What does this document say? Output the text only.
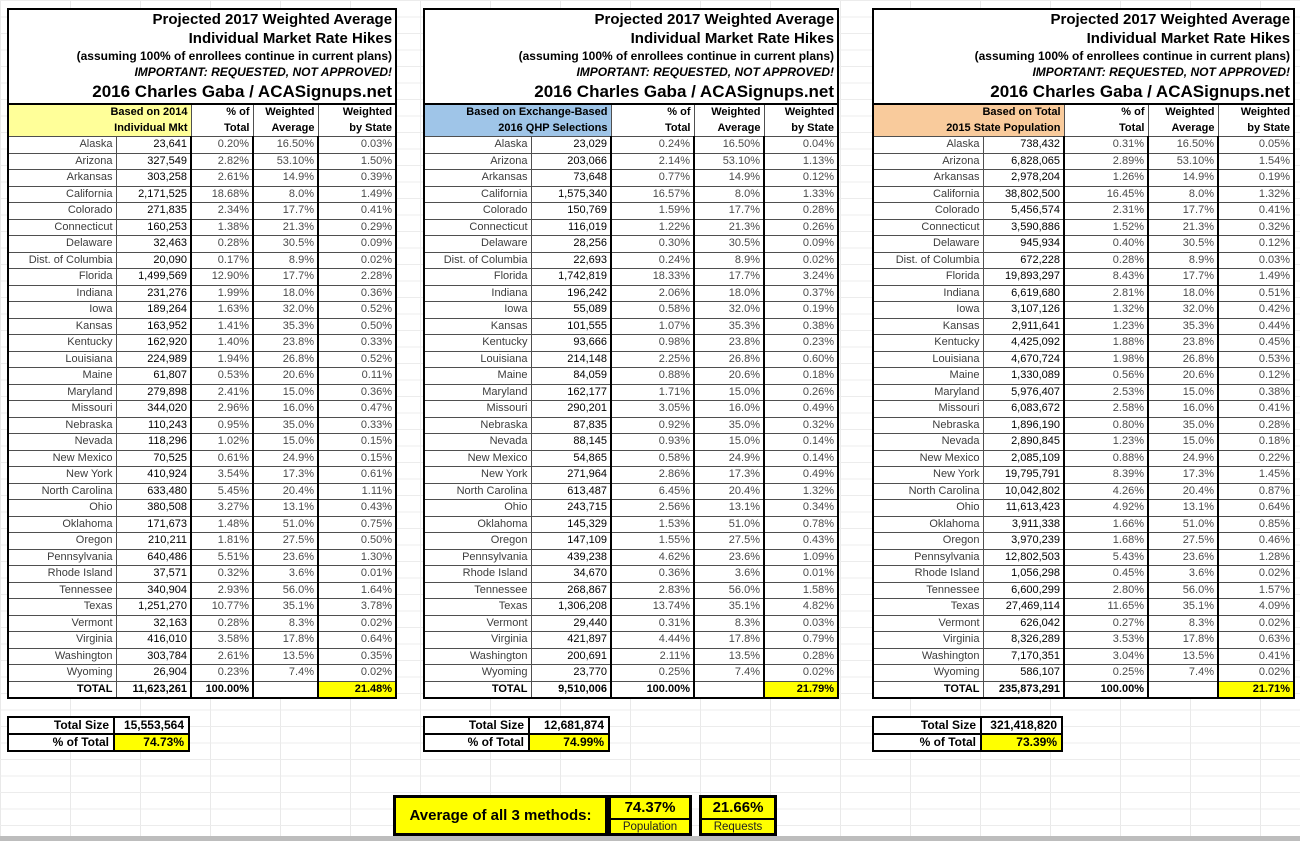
Projected 2017 Weighted Average
Individual Market Rate Hikes
(assuming 100% of enrollees continue in current plans)
IMPORTANT: REQUESTED, NOT APPROVED!
2016 Charles Gaba / ACASignups.net				

Based on 2014
Individual Mkt

% of
Total

Weighted
Average

Weighted
by State

Alaska	23,641	0.20%	16.50%	0.03%
Arizona	327,549	2.82%	53.10%	1.50%
Arkansas	303,258	2.61%	14.9%	0.39%
California	2,171,525	18.68%	8.0%	1.49%
Colorado	271,835	2.34%	17.7%	0.41%
Connecticut	160,253	1.38%	21.3%	0.29%
Delaware	32,463	0.28%	30.5%	0.09%
Dist. of Columbia	20,090	0.17%	8.9%	0.02%
Florida	1,499,569	12.90%	17.7%	2.28%
Indiana	231,276	1.99%	18.0%	0.36%
Iowa	189,264	1.63%	32.0%	0.52%
Kansas	163,952	1.41%	35.3%	0.50%
Kentucky	162,920	1.40%	23.8%	0.33%
Louisiana	224,989	1.94%	26.8%	0.52%
Maine	61,807	0.53%	20.6%	0.11%
Maryland	279,898	2.41%	15.0%	0.36%
Missouri	344,020	2.96%	16.0%	0.47%
Nebraska	110,243	0.95%	35.0%	0.33%
Nevada	118,296	1.02%	15.0%	0.15%
New Mexico	70,525	0.61%	24.9%	0.15%
New York	410,924	3.54%	17.3%	0.61%
North Carolina	633,480	5.45%	20.4%	1.11%
Ohio	380,508	3.27%	13.1%	0.43%
Oklahoma	171,673	1.48%	51.0%	0.75%
Oregon	210,211	1.81%	27.5%	0.50%
Pennsylvania	640,486	5.51%	23.6%	1.30%
Rhode Island	37,571	0.32%	3.6%	0.01%
Tennessee	340,904	2.93%	56.0%	1.64%
Texas	1,251,270	10.77%	35.1%	3.78%
Vermont	32,163	0.28%	8.3%	0.02%
Virginia	416,010	3.58%	17.8%	0.64%
Washington	303,784	2.61%	13.5%	0.35%
Wyoming	26,904	0.23%	7.4%	0.02%
TOTAL	11,623,261	100.00%		21.48%
Total Size	15,553,564
% of Total	74.73%
Projected 2017 Weighted Average
Individual Market Rate Hikes
(assuming 100% of enrollees continue in current plans)
IMPORTANT: REQUESTED, NOT APPROVED!
2016 Charles Gaba / ACASignups.net				

Based on Exchange-Based
2016 QHP Selections

% of
Total

Weighted
Average

Weighted
by State

Alaska	23,029	0.24%	16.50%	0.04%
Arizona	203,066	2.14%	53.10%	1.13%
Arkansas	73,648	0.77%	14.9%	0.12%
California	1,575,340	16.57%	8.0%	1.33%
Colorado	150,769	1.59%	17.7%	0.28%
Connecticut	116,019	1.22%	21.3%	0.26%
Delaware	28,256	0.30%	30.5%	0.09%
Dist. of Columbia	22,693	0.24%	8.9%	0.02%
Florida	1,742,819	18.33%	17.7%	3.24%
Indiana	196,242	2.06%	18.0%	0.37%
Iowa	55,089	0.58%	32.0%	0.19%
Kansas	101,555	1.07%	35.3%	0.38%
Kentucky	93,666	0.98%	23.8%	0.23%
Louisiana	214,148	2.25%	26.8%	0.60%
Maine	84,059	0.88%	20.6%	0.18%
Maryland	162,177	1.71%	15.0%	0.26%
Missouri	290,201	3.05%	16.0%	0.49%
Nebraska	87,835	0.92%	35.0%	0.32%
Nevada	88,145	0.93%	15.0%	0.14%
New Mexico	54,865	0.58%	24.9%	0.14%
New York	271,964	2.86%	17.3%	0.49%
North Carolina	613,487	6.45%	20.4%	1.32%
Ohio	243,715	2.56%	13.1%	0.34%
Oklahoma	145,329	1.53%	51.0%	0.78%
Oregon	147,109	1.55%	27.5%	0.43%
Pennsylvania	439,238	4.62%	23.6%	1.09%
Rhode Island	34,670	0.36%	3.6%	0.01%
Tennessee	268,867	2.83%	56.0%	1.58%
Texas	1,306,208	13.74%	35.1%	4.82%
Vermont	29,440	0.31%	8.3%	0.03%
Virginia	421,897	4.44%	17.8%	0.79%
Washington	200,691	2.11%	13.5%	0.28%
Wyoming	23,770	0.25%	7.4%	0.02%
TOTAL	9,510,006	100.00%		21.79%
Total Size	12,681,874
% of Total	74.99%
Projected 2017 Weighted Average
Individual Market Rate Hikes
(assuming 100% of enrollees continue in current plans)
IMPORTANT: REQUESTED, NOT APPROVED!
2016 Charles Gaba / ACASignups.net				

Based on Total
2015 State Population

% of
Total

Weighted
Average

Weighted
by State

Alaska	738,432	0.31%	16.50%	0.05%
Arizona	6,828,065	2.89%	53.10%	1.54%
Arkansas	2,978,204	1.26%	14.9%	0.19%
California	38,802,500	16.45%	8.0%	1.32%
Colorado	5,456,574	2.31%	17.7%	0.41%
Connecticut	3,590,886	1.52%	21.3%	0.32%
Delaware	945,934	0.40%	30.5%	0.12%
Dist. of Columbia	672,228	0.28%	8.9%	0.03%
Florida	19,893,297	8.43%	17.7%	1.49%
Indiana	6,619,680	2.81%	18.0%	0.51%
Iowa	3,107,126	1.32%	32.0%	0.42%
Kansas	2,911,641	1.23%	35.3%	0.44%
Kentucky	4,425,092	1.88%	23.8%	0.45%
Louisiana	4,670,724	1.98%	26.8%	0.53%
Maine	1,330,089	0.56%	20.6%	0.12%
Maryland	5,976,407	2.53%	15.0%	0.38%
Missouri	6,083,672	2.58%	16.0%	0.41%
Nebraska	1,896,190	0.80%	35.0%	0.28%
Nevada	2,890,845	1.23%	15.0%	0.18%
New Mexico	2,085,109	0.88%	24.9%	0.22%
New York	19,795,791	8.39%	17.3%	1.45%
North Carolina	10,042,802	4.26%	20.4%	0.87%
Ohio	11,613,423	4.92%	13.1%	0.64%
Oklahoma	3,911,338	1.66%	51.0%	0.85%
Oregon	3,970,239	1.68%	27.5%	0.46%
Pennsylvania	12,802,503	5.43%	23.6%	1.28%
Rhode Island	1,056,298	0.45%	3.6%	0.02%
Tennessee	6,600,299	2.80%	56.0%	1.57%
Texas	27,469,114	11.65%	35.1%	4.09%
Vermont	626,042	0.27%	8.3%	0.02%
Virginia	8,326,289	3.53%	17.8%	0.63%
Washington	7,170,351	3.04%	13.5%	0.41%
Wyoming	586,107	0.25%	7.4%	0.02%
TOTAL	235,873,291	100.00%		21.71%
Total Size	321,418,820
% of Total	73.39%
Average of all 3 methods:	74.37%
Population
21.66%
Requests
